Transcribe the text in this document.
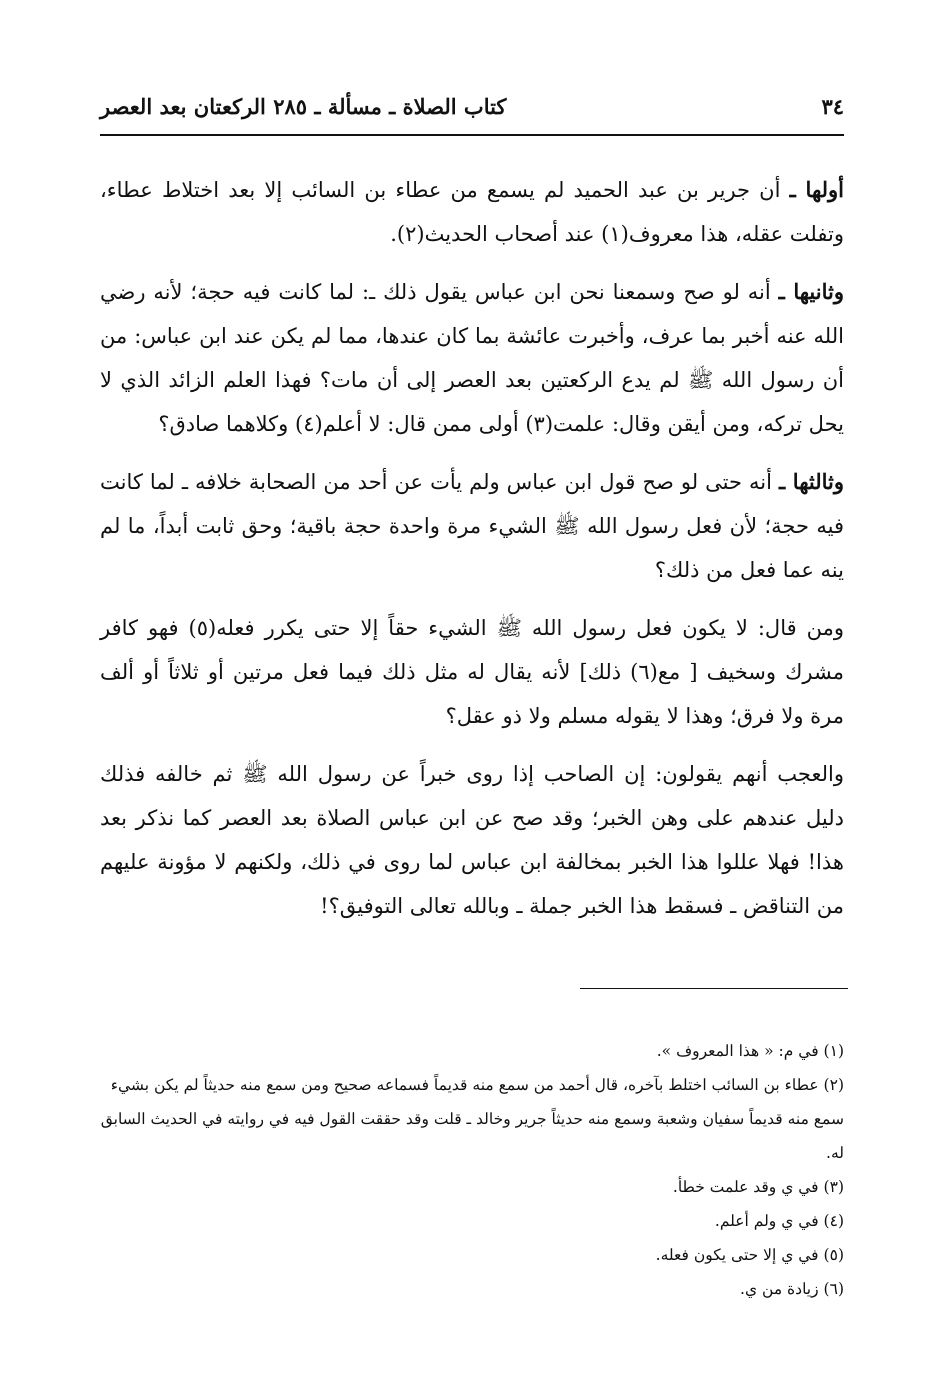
٣٤
كتاب الصلاة ـ مسألة ـ ٢٨٥ الركعتان بعد العصر

أولها ـ أن جرير بن عبد الحميد لم يسمع من عطاء بن السائب إلا بعد اختلاط عطاء، وتفلت عقله، هذا معروف(١) عند أصحاب الحديث(٢).

وثانيها ـ أنه لو صح وسمعنا نحن ابن عباس يقول ذلك ـ: لما كانت فيه حجة؛ لأنه رضي الله عنه أخبر بما عرف، وأخبرت عائشة بما كان عندها، مما لم يكن عند ابن عباس: من أن رسول الله ﷺ لم يدع الركعتين بعد العصر إلى أن مات؟ فهذا العلم الزائد الذي لا يحل تركه، ومن أيقن وقال: علمت(٣) أولى ممن قال: لا أعلم(٤) وكلاهما صادق؟

وثالثها ـ أنه حتى لو صح قول ابن عباس ولم يأت عن أحد من الصحابة خلافه ـ لما كانت فيه حجة؛ لأن فعل رسول الله ﷺ الشيء مرة واحدة حجة باقية؛ وحق ثابت أبداً، ما لم ينه عما فعل من ذلك؟

ومن قال: لا يكون فعل رسول الله ﷺ الشيء حقاً إلا حتى يكرر فعله(٥) فهو كافر مشرك وسخيف [ مع(٦) ذلك] لأنه يقال له مثل ذلك فيما فعل مرتين أو ثلاثاً أو ألف مرة ولا فرق؛ وهذا لا يقوله مسلم ولا ذو عقل؟

والعجب أنهم يقولون: إن الصاحب إذا روى خبراً عن رسول الله ﷺ ثم خالفه فذلك دليل عندهم على وهن الخبر؛ وقد صح عن ابن عباس الصلاة بعد العصر كما نذكر بعد هذا! فهلا عللوا هذا الخبر بمخالفة ابن عباس لما روى في ذلك، ولكنهم لا مؤونة عليهم من التناقض ـ فسقط هذا الخبر جملة ـ وبالله تعالى التوفيق؟!

(١) في م: « هذا المعروف ».

(٢) عطاء بن السائب اختلط بآخره، قال أحمد من سمع منه قديماً فسماعه صحيح ومن سمع منه حديثاً لم يكن بشيء سمع منه قديماً سفيان وشعبة وسمع منه حديثاً جرير وخالد ـ قلت وقد حققت القول فيه في روايته في الحديث السابق له.

(٣) في ي وقد علمت خطأ.

(٤) في ي ولم أعلم.

(٥) في ي إلا حتى يكون فعله.

(٦) زيادة من ي.
